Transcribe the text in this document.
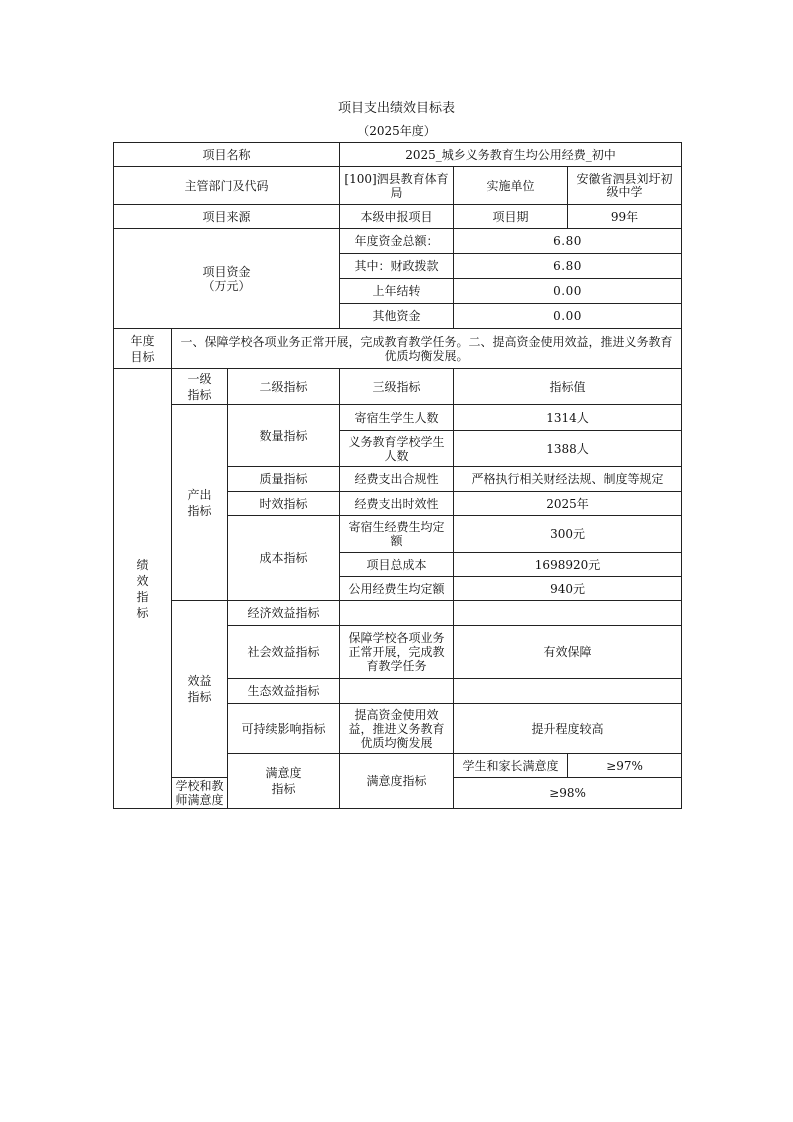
项目支出绩效目标表
（2025年度）
项目名称			2025_城乡义务教育生均公用经费_初中		
主管部门及代码			[100]泗县教育体育局	实施单位	安徽省泗县刘圩初级中学
项目来源			本级申报项目	项目期	99年
项目资金
（万元）			年度资金总额：	6.80	
			其中：财政拨款	6.80	
			上年结转	0.00	
			其他资金	0.00	
年度目标	一、保障学校各项业务正常开展，完成教育教学任务。二、提高资金使用效益，推进义务教育优质均衡发展。				
绩效指标	一级指标	二级指标	三级指标	指标值	
	产出指标	数量指标	寄宿生学生人数	1314人	
			义务教育学校学生人数	1388人	
		质量指标	经费支出合规性	严格执行相关财经法规、制度等规定	
		时效指标	经费支出时效性	2025年	
		成本指标	寄宿生经费生均定额	300元	
			项目总成本	1698920元	
			公用经费生均定额	940元	
	效益指标	经济效益指标			
		社会效益指标	保障学校各项业务正常开展，完成教育教学任务	有效保障	
		生态效益指标			
		可持续影响指标	提高资金使用效益，推进义务教育优质均衡发展	提升程度较高	
		满意度指标	满意度指标	学生和家长满意度	≥97%
	学校和教师满意度			≥98%	
